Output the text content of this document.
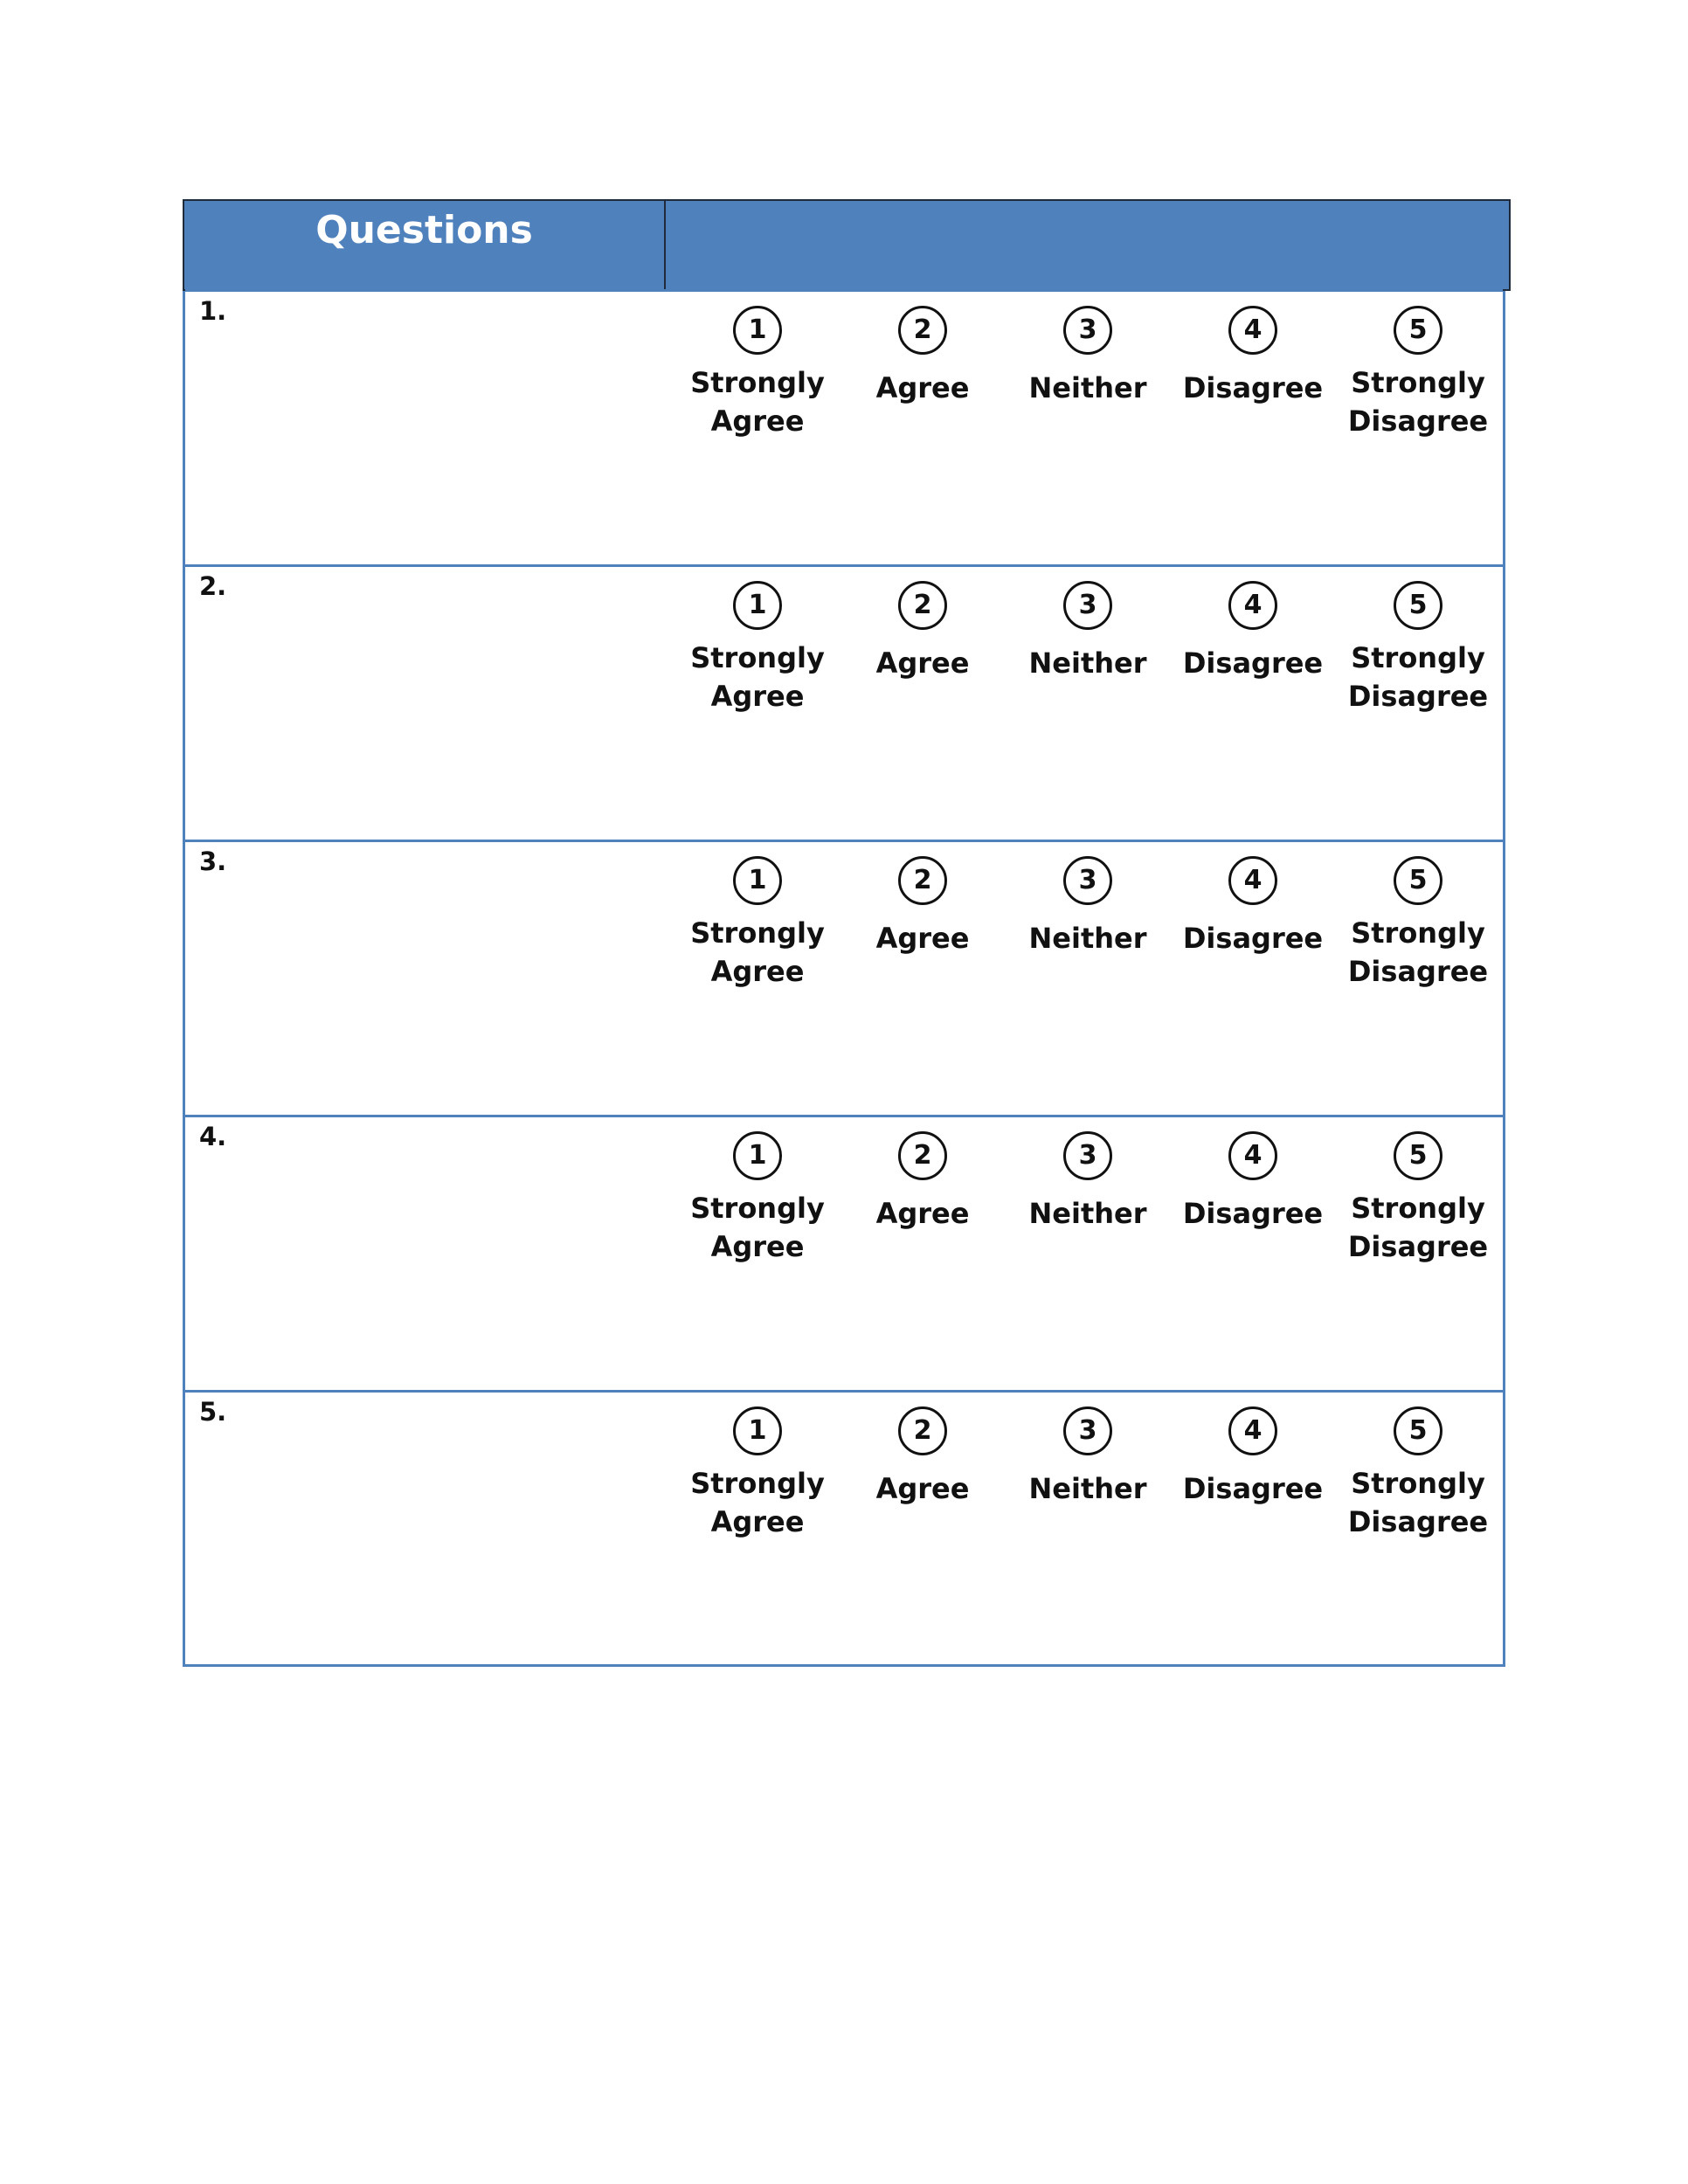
Questions
1.
1
Strongly
Agree
2
Agree
3
Neither
4
Disagree
5
Strongly
Disagree
2.
1
Strongly
Agree
2
Agree
3
Neither
4
Disagree
5
Strongly
Disagree
3.
1
Strongly
Agree
2
Agree
3
Neither
4
Disagree
5
Strongly
Disagree
4.
1
Strongly
Agree
2
Agree
3
Neither
4
Disagree
5
Strongly
Disagree
5.
1
Strongly
Agree
2
Agree
3
Neither
4
Disagree
5
Strongly
Disagree
